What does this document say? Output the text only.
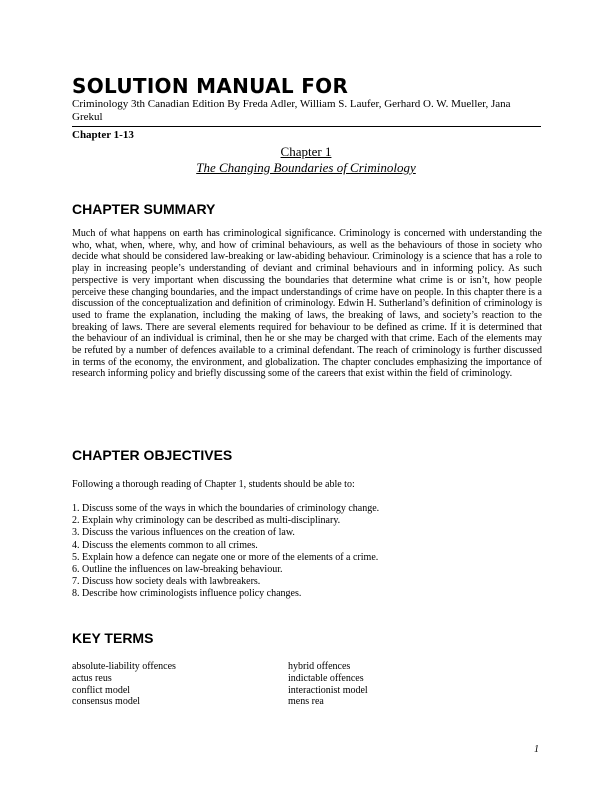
SOLUTION MANUAL FOR

Criminology 3th Canadian Edition By Freda Adler, William S. Laufer, Gerhard O. W. Mueller, Jana Grekul

Chapter 1-13

Chapter 1
The Changing Boundaries of Criminology
CHAPTER SUMMARY

Much of what happens on earth has criminological significance. Criminology is concerned with understanding the who, what, when, where, why, and how of criminal behaviours, as well as the behaviours of those in society who decide what should be considered law-breaking or law-abiding behaviour. Criminology is a science that has a role to play in increasing people’s understanding of deviant and criminal behaviours and in informing policy. As such perspective is very important when discussing the boundaries that determine what crime is or isn’t, how people perceive these changing boundaries, and the impact understandings of crime have on people. In this chapter there is a discussion of the conceptualization and definition of criminology. Edwin H. Sutherland’s definition of criminology is used to frame the explanation, including the making of laws, the breaking of laws, and society’s reaction to the breaking of laws. There are several elements required for behaviour to be defined as crime. If it is determined that the behaviour of an individual is criminal, then he or she may be charged with that crime. Each of the elements may be refuted by a number of defences available to a criminal defendant. The reach of criminology is further discussed in terms of the economy, the environment, and globalization. The chapter concludes emphasizing the importance of research informing policy and briefly discussing some of the careers that exist within the field of criminology.

CHAPTER OBJECTIVES

Following a thorough reading of Chapter 1, students should be able to:

1. Discuss some of the ways in which the boundaries of criminology change.
2. Explain why criminology can be described as multi-disciplinary.
3. Discuss the various influences on the creation of law.
4. Discuss the elements common to all crimes.
5. Explain how a defence can negate one or more of the elements of a crime.
6. Outline the influences on law-breaking behaviour.
7. Discuss how society deals with lawbreakers.
8. Describe how criminologists influence policy changes.
KEY TERMS
absolute-liability offences
actus reus
conflict model
consensus model
hybrid offences
indictable offences
interactionist model
mens rea

1
